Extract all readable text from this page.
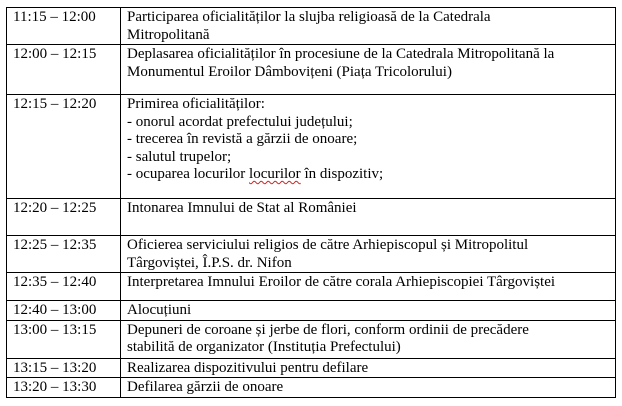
11:15 – 12:00	Participarea oficialităților la slujba religioasă de la Catedrala
Mitropolitană

12:00 – 12:15	Deplasarea oficialităților în procesiune de la Catedrala Mitropolitană la
Monumentul Eroilor Dâmbovițeni (Piața Tricolorului)

12:15 – 12:20	Primirea oficialităților:
- onorul acordat prefectului județului;
- trecerea în revistă a gărzii de onoare;
- salutul trupelor;
- ocuparea locurilor locurilor în dispozitiv;

12:20 – 12:25	Intonarea Imnului de Stat al României

12:25 – 12:35	Oficierea serviciului religios de către Arhiepiscopul și Mitropolitul
Târgoviștei, Î.P.S. dr. Nifon

12:35 – 12:40	Interpretarea Imnului Eroilor de către corala Arhiepiscopiei Târgoviștei

12:40 – 13:00	Alocuțiuni

13:00 – 13:15	Depuneri de coroane și jerbe de flori, conform ordinii de precădere
stabilită de organizator (Instituția Prefectului)

13:15 – 13:20	Realizarea dispozitivului pentru defilare

13:20 – 13:30	Defilarea gărzii de onoare
